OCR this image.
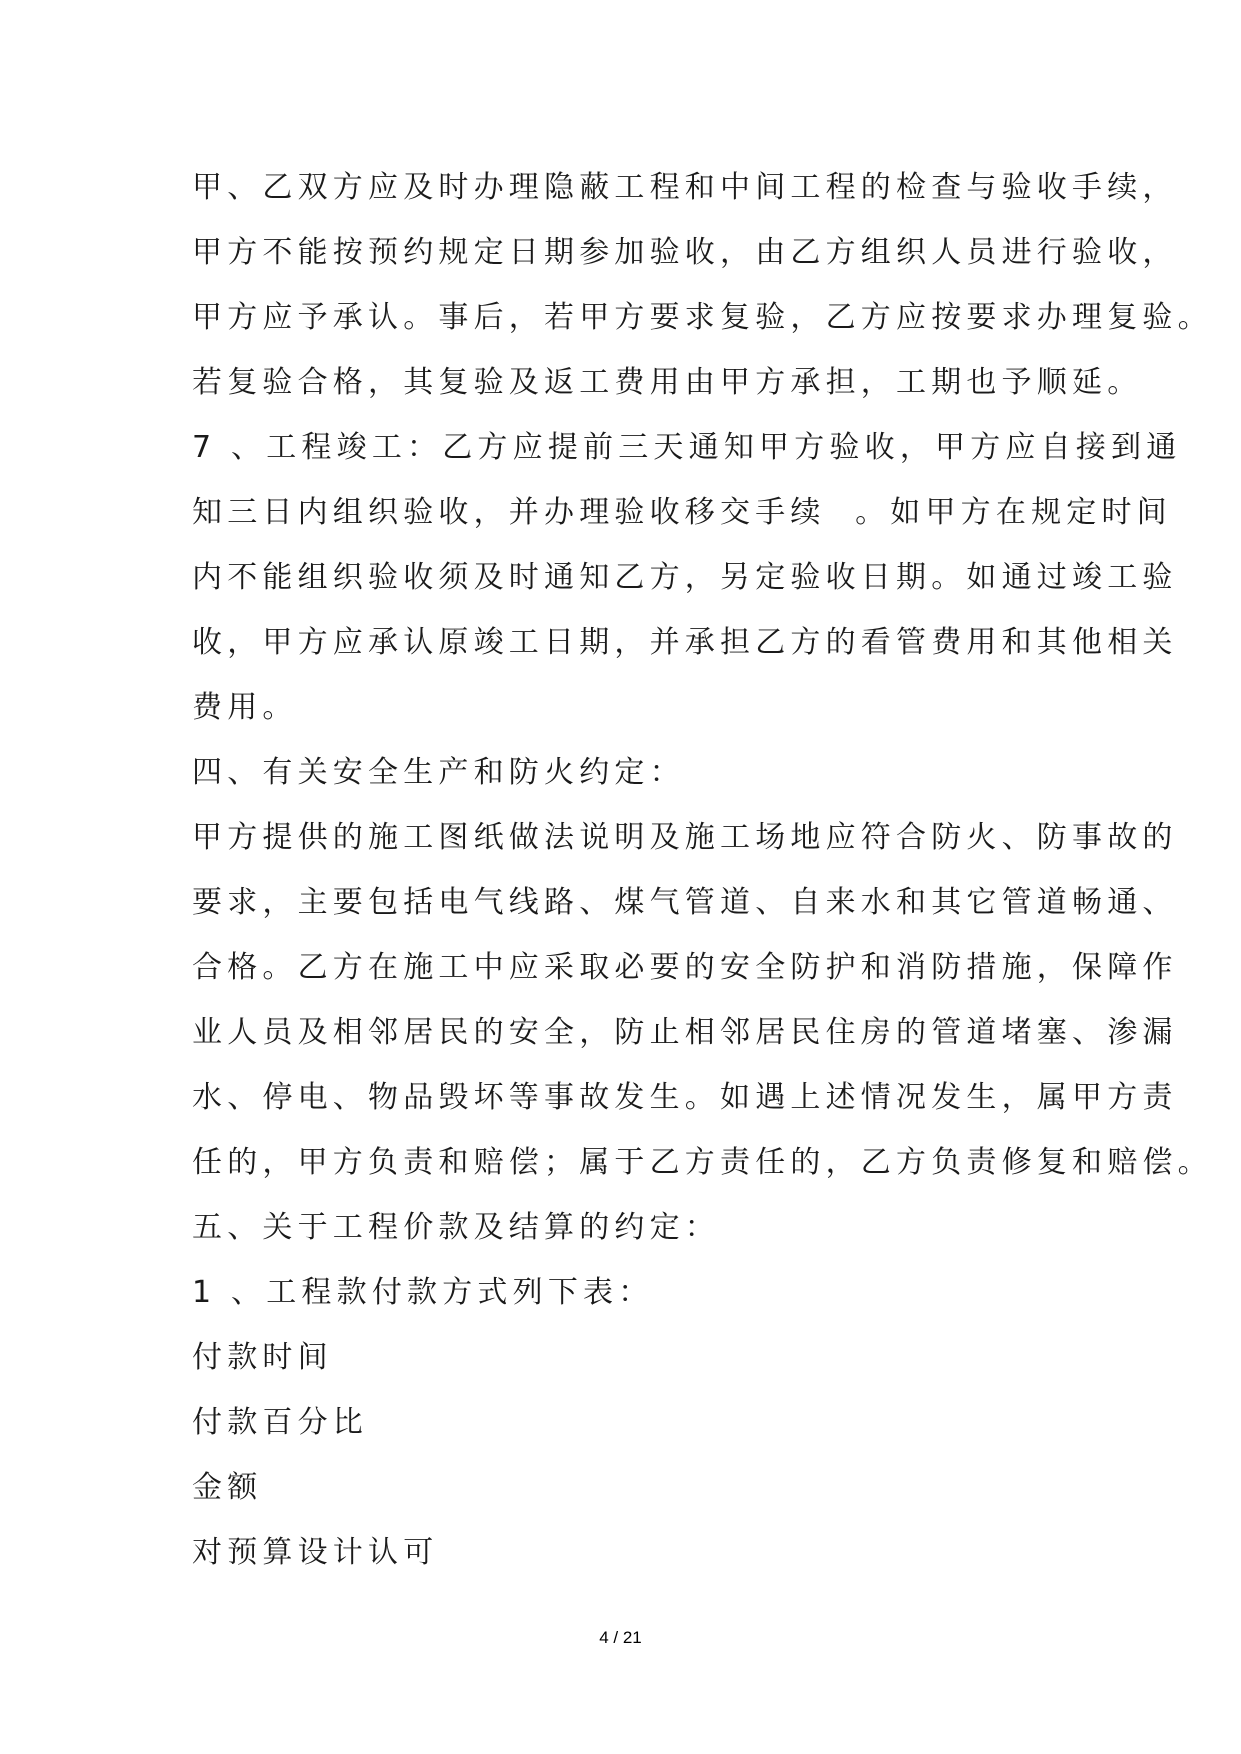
甲、乙双方应及时办理隐蔽工程和中间工程的检查与验收手续，
甲方不能按预约规定日期参加验收，由乙方组织人员进行验收，
甲方应予承认。事后，若甲方要求复验，乙方应按要求办理复验。
若复验合格，其复验及返工费用由甲方承担，工期也予顺延。
7 、工程竣工：乙方应提前三天通知甲方验收，甲方应自接到通
知三日内组织验收，并办理验收移交手续  。如甲方在规定时间
内不能组织验收须及时通知乙方，另定验收日期。如通过竣工验
收，甲方应承认原竣工日期，并承担乙方的看管费用和其他相关
费用。
四、有关安全生产和防火约定：
甲方提供的施工图纸做法说明及施工场地应符合防火、防事故的
要求，主要包括电气线路、煤气管道、自来水和其它管道畅通、
合格。乙方在施工中应采取必要的安全防护和消防措施，保障作
业人员及相邻居民的安全，防止相邻居民住房的管道堵塞、渗漏
水、停电、物品毁坏等事故发生。如遇上述情况发生，属甲方责
任的，甲方负责和赔偿；属于乙方责任的，乙方负责修复和赔偿。
五、关于工程价款及结算的约定：
1 、工程款付款方式列下表：
付款时间
付款百分比
金额
对预算设计认可
4 / 21
